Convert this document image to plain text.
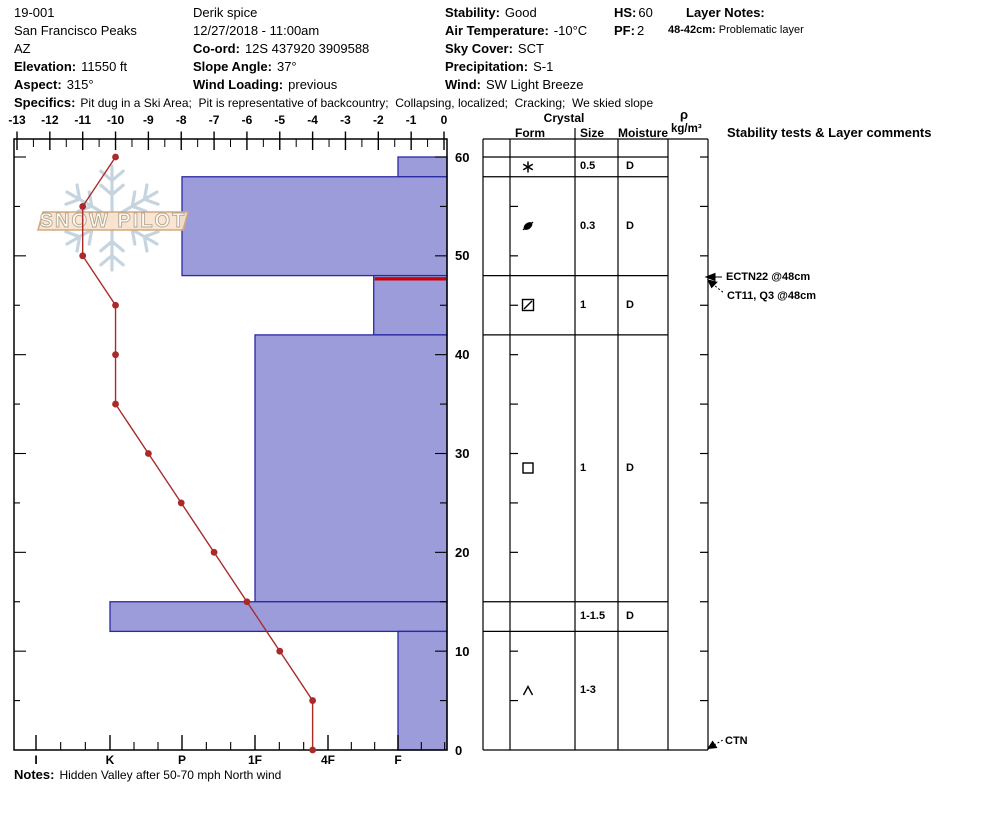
SNOW PILOT
-13	-12	-11	-10	-9	-8	-7	-6	-5	-4	-3	-2	-1	0
60
50
40
30
20
10
0
I	K	P	1F	4F	F
0.5	D
0.3	D
1	D
1	D
1-1.5 D
1-3
ECTN22 @48cm
CT11, Q3 @48cm
CTN
19-001
San Francisco Peaks
AZ
Elevation: 11550 ft
Aspect: 315°
Derik spice
12/27/2018 - 11:00am
Co-ord: 12S 437920 3909588
Slope Angle: 37°
Wind Loading: previous
Stability: Good
Air Temperature: -10°C
Sky Cover: SCT
Precipitation: S-1
Wind: SW Light Breeze
HS: 60
PF: 2
Layer Notes:
48-42cm: Problematic layer
Specifics: Pit dug in a Ski Area;  Pit is representative of backcountry;  Collapsing, localized;  Cracking;  We skied slope
Crystal
Form	Size Moisture
ρ
kg/m³ Stability tests & Layer comments
Notes: Hidden Valley after 50-70 mph North wind
